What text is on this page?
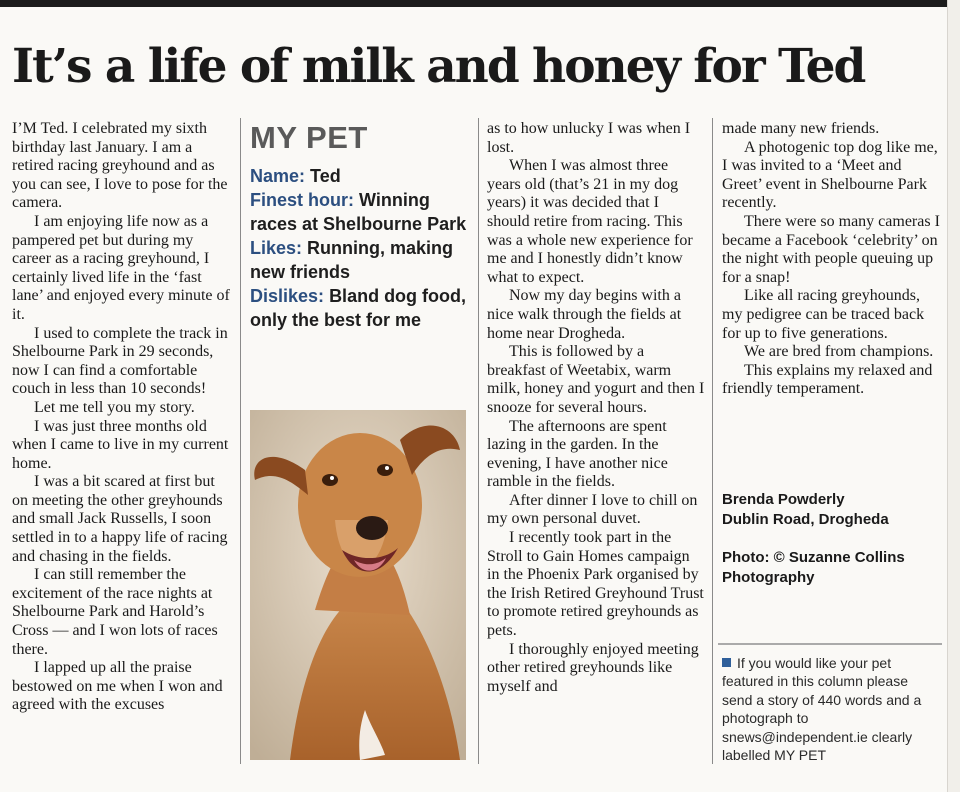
It’s a life of milk and honey for Ted

I’M Ted. I celebrated my sixth birthday last January. I am a retired racing greyhound and as you can see, I love to pose for the camera.

I am enjoying life now as a pampered pet but during my career as a racing greyhound, I certainly lived life in the ‘fast lane’ and enjoyed every minute of it.

I used to complete the track in Shelbourne Park in 29 seconds, now I can find a comfortable couch in less than 10 seconds!

Let me tell you my story.

I was just three months old when I came to live in my current home.

I was a bit scared at first but on meeting the other greyhounds and small Jack Russells, I soon settled in to a happy life of racing and chasing in the fields.

I can still remember the excitement of the race nights at Shelbourne Park and Harold’s Cross — and I won lots of races there.

I lapped up all the praise bestowed on me when I won and agreed with the excuses

MY PET

Name: Ted

Finest hour: Winning races at Shelbourne Park

Likes: Running, making new friends

Dislikes: Bland dog food, only the best for me

as to how unlucky I was when I lost.

When I was almost three years old (that’s 21 in my dog years) it was decided that I should retire from racing. This was a whole new experience for me and I honestly didn’t know what to expect.

Now my day begins with a nice walk through the fields at home near Drogheda.

This is followed by a breakfast of Weetabix, warm milk, honey and yogurt and then I snooze for several hours.

The afternoons are spent lazing in the garden. In the evening, I have another nice ramble in the fields.

After dinner I love to chill on my own personal duvet.

I recently took part in the Stroll to Gain Homes campaign in the Phoenix Park organised by the Irish Retired Greyhound Trust to promote retired greyhounds as pets.

I thoroughly enjoyed meeting other retired greyhounds like myself and

made many new friends.

A photogenic top dog like me, I was invited to a ‘Meet and Greet’ event in Shelbourne Park recently.

There were so many cameras I became a Facebook ‘celebrity’ on the night with people queuing up for a snap!

Like all racing greyhounds, my pedigree can be traced back for up to five generations.

We are bred from champions.

This explains my relaxed and friendly temperament.

Brenda Powderly

Dublin Road, Drogheda

Photo: © Suzanne Collins

Photography

If you would like your pet featured in this column please send a story of 440 words and a photograph to snews@independent.ie clearly labelled MY PET
